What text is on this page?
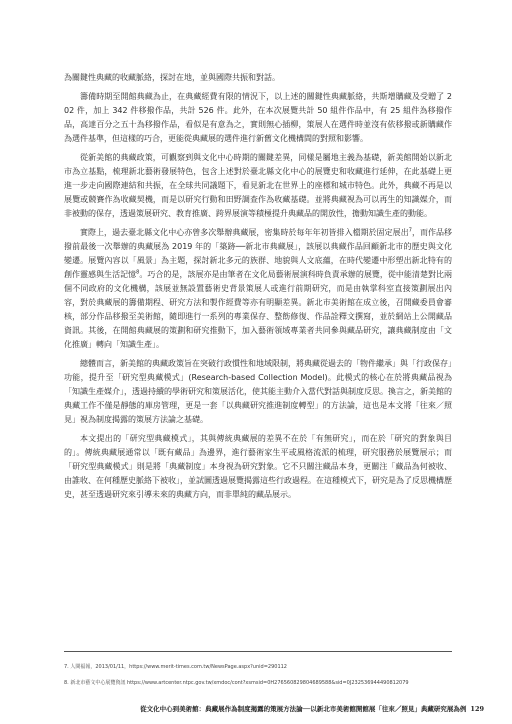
為關鍵性典藏的收藏脈絡，探討在地，並與國際共振和對話。

籌備時期至開館典藏為止，在典藏經費有限的情況下，以上述的關鍵性典藏脈絡，共斯增購藏及受贈了 202 件，加上 342 件移撥作品，共計 526 件。此外，在本次展覽共計 50 組件作品中，有 25 組件為移撥作品，高達百分之五十為移撥作品，看似是有意為之，實則無心插柳，策展人在選件時並沒有依移撥或新購藏作為選件基準，但這樣的巧合，更能從典藏展的選件進行新舊文化機構間的對照和影響。

從新美館的典藏政策，可觀察到與文化中心時期的關鍵差異，同樣是屬地主義為基礎，新美館開始以新北市為立基點，梳理新北藝術發展特色，包含上述對於臺北縣文化中心的展覽史和收藏進行延伸，在此基礎上更進一步走向國際連結和共振，在全球共同議題下，看見新北在世界上的座標和城市特色。此外，典藏不再是以展覽或競賽作為收藏契機，而是以研究行動和田野調查作為收藏基礎。並將典藏視為可以再生的知識媒介，而非被動的保存，透過策展研究、教育推廣、跨界展演等積極提升典藏品的開放性，擔動知識生產的動能。

實際上，過去臺北縣文化中心亦曾多次舉辦典藏展，密集時於每年年初皆排入檔期於固定展出$^7$，而作品移撥前最後一次舉辦的典藏展為 2019 年的「築跡──新北市典藏展」，該展以典藏作品回顧新北市的歷史與文化變遷。展覽內容以「風景」為主題，探討新北多元的族群、地貌與人文底蘊，在時代變遷中形塑出新北特有的創作靈感與生活記憶$^8$。巧合的是，該展亦是由筆者在文化局藝術展演科時負責承辦的展覽，從中能清楚對比兩個不同政府的文化機構，該展並無設置藝術史背景策展人或進行前期研究，而是由執掌科室直接策劃展出內容，對於典藏展的籌備期程、研究方法和製作經費等亦有明顯差異。新北市美術館在成立後，召開藏委員會審核，部分作品移撥至美術館，隨即進行一系列的專業保存、整飭修復、作品詮釋文撰寫，並於網站上公開藏品資訊。其後，在開館典藏展的策劃和研究推動下，加入藝術領域專業者共同參與藏品研究，讓典藏制度由「文化推廣」轉向「知識生產」。

總體而言，新美館的典藏政策旨在突破行政慣性和地域限制，將典藏從過去的「物件繼承」與「行政保存」功能，提升至「研究型典藏模式」(Research-based Collection Model)。此模式的核心在於將典藏品視為「知識生產媒介」，透過持續的學術研究和策展活化，使其能主動介入當代對話與制度反思。換言之，新美館的典藏工作不僅是靜態的庫房管理，更是一套「以典藏研究推進制度轉型」的方法論，這也是本文將「往來／照見」視為制度揭露的策展方法論之基礎。

本文提出的「研究型典藏模式」，其與傳統典藏展的差異不在於「有無研究」，而在於「研究的對象與目的」。傳統典藏展通常以「既有藏品」為邊界，進行藝術家生平或風格流派的梳理，研究服務於展覽展示；而「研究型典藏模式」則是將「典藏制度」本身視為研究對象。它不只關注藏品本身，更關注「藏品為何被收、由誰收、在何種歷史脈絡下被收」，並試圖透過展覽揭露這些行政過程。在這種模式下，研究是為了反思機構歷史，甚至透過研究來引導未來的典藏方向，而非單純的藏品展示。

7. 人間福報，2013/01/11，https://www.merit-times.com.tw/NewsPage.aspx?unid=290112

8. 新北市藝文中心展覽資訊 https://www.artcenter.ntpc.gov.tw/xmdoc/cont?xsmsid=0H276560829804689588&sid=0J232536944490812079

從文化中心到美術館：典藏展作為制度揭露的策展方法論──以新北市美術館開館展「往來／照見」典藏研究展為例 129
